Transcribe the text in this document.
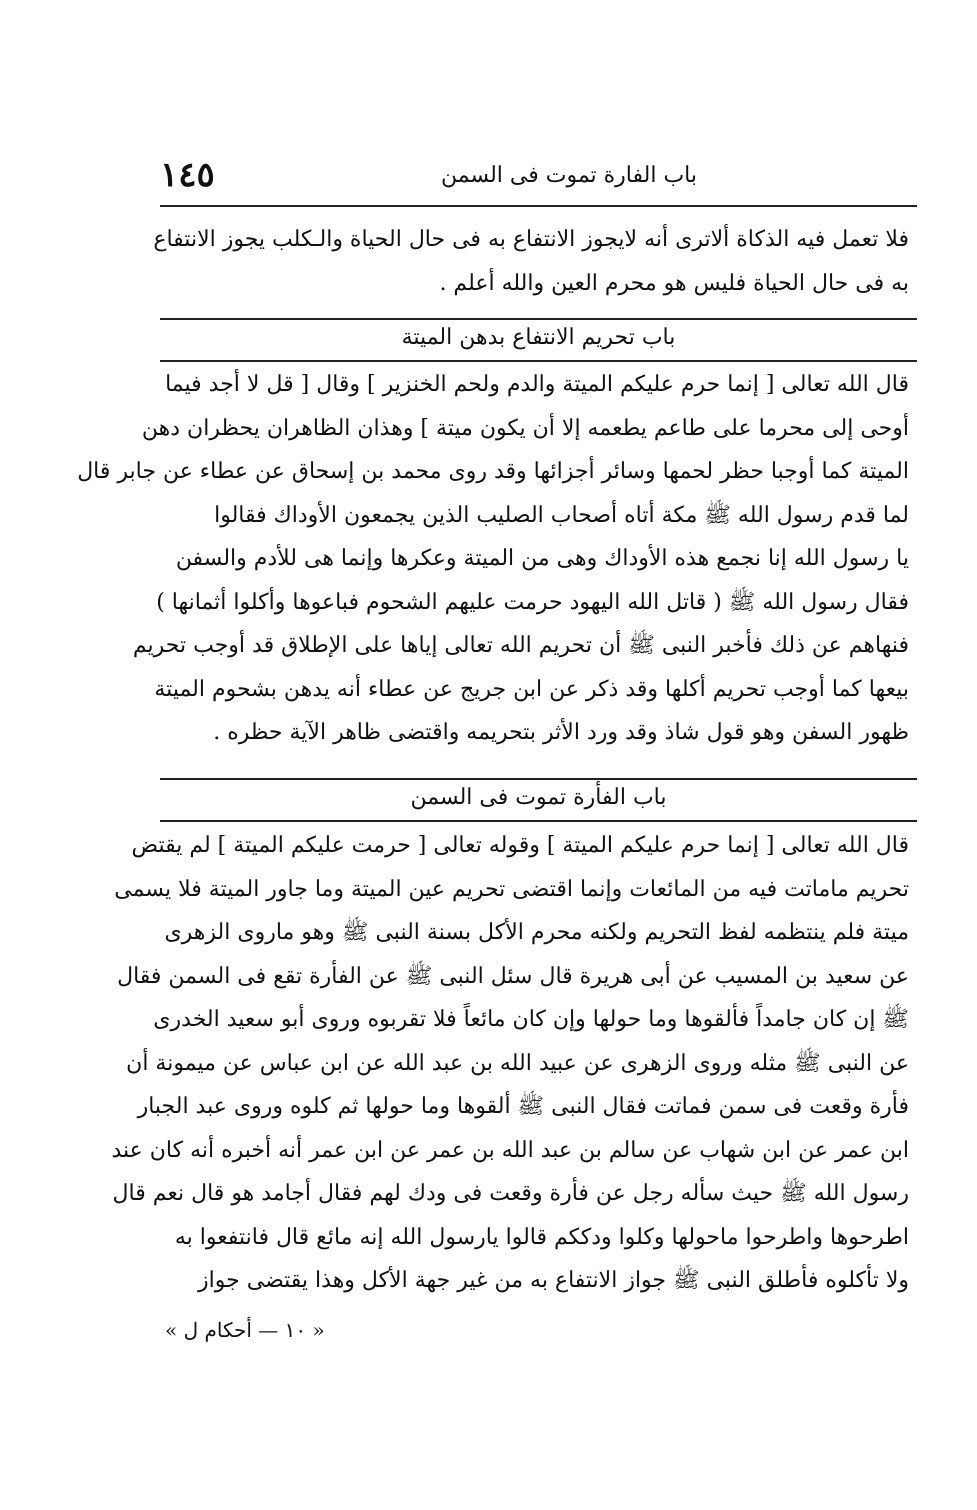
باب الفارة تموت فى السمن
١٤٥
فلا تعمل فيه الذكاة ألاترى أنه لايجوز الانتفاع به فى حال الحياة والـكلب يجوز الانتفاع
به فى حال الحياة فليس هو محرم العين والله أعلم .
باب تحريم الانتفاع بدهن الميتة
قال الله تعالى [ إنما حرم عليكم الميتة والدم ولحم الخنزير ] وقال [ قل لا أجد فيما
أوحى إلى محرما على طاعم يطعمه إلا أن يكون ميتة ] وهذان الظاهران يحظران دهن
الميتة كما أوجبا حظر لحمها وسائر أجزائها وقد روى محمد بن إسحاق عن عطاء عن جابر قال
لما قدم رسول الله ﷺ مكة أتاه أصحاب الصليب الذين يجمعون الأوداك فقالوا
يا رسول الله إنا نجمع هذه الأوداك وهى من الميتة وعكرها وإنما هى للأدم والسفن
فقال رسول الله ﷺ ( قاتل الله اليهود حرمت عليهم الشحوم فباعوها وأكلوا أثمانها )
فنهاهم عن ذلك فأخبر النبى ﷺ أن تحريم الله تعالى إياها على الإطلاق قد أوجب تحريم
بيعها كما أوجب تحريم أكلها وقد ذكر عن ابن جريج عن عطاء أنه يدهن بشحوم الميتة
ظهور السفن وهو قول شاذ وقد ورد الأثر بتحريمه واقتضى ظاهر الآية حظره .
باب الفأرة تموت فى السمن
قال الله تعالى [ إنما حرم عليكم الميتة ] وقوله تعالى [ حرمت عليكم الميتة ] لم يقتض
تحريم ماماتت فيه من المائعات وإنما اقتضى تحريم عين الميتة وما جاور الميتة فلا يسمى
ميتة فلم ينتظمه لفظ التحريم ولكنه محرم الأكل بسنة النبى ﷺ وهو ماروى الزهرى
عن سعيد بن المسيب عن أبى هريرة قال سئل النبى ﷺ عن الفأرة تقع فى السمن فقال
ﷺ إن كان جامداً فألقوها وما حولها وإن كان مائعاً فلا تقربوه وروى أبو سعيد الخدرى
عن النبى ﷺ مثله وروى الزهرى عن عبيد الله بن عبد الله عن ابن عباس عن ميمونة أن
فأرة وقعت فى سمن فماتت فقال النبى ﷺ ألقوها وما حولها ثم كلوه وروى عبد الجبار
ابن عمر عن ابن شهاب عن سالم بن عبد الله بن عمر عن ابن عمر أنه أخبره أنه كان عند
رسول الله ﷺ حيث سأله رجل عن فأرة وقعت فى ودك لهم فقال أجامد هو قال نعم قال
اطرحوها واطرحوا ماحولها وكلوا ودككم قالوا يارسول الله إنه مائع قال فانتفعوا به
ولا تأكلوه فأطلق النبى ﷺ جواز الانتفاع به من غير جهة الأكل وهذا يقتضى جواز
« ١٠ — أحكام ل »
